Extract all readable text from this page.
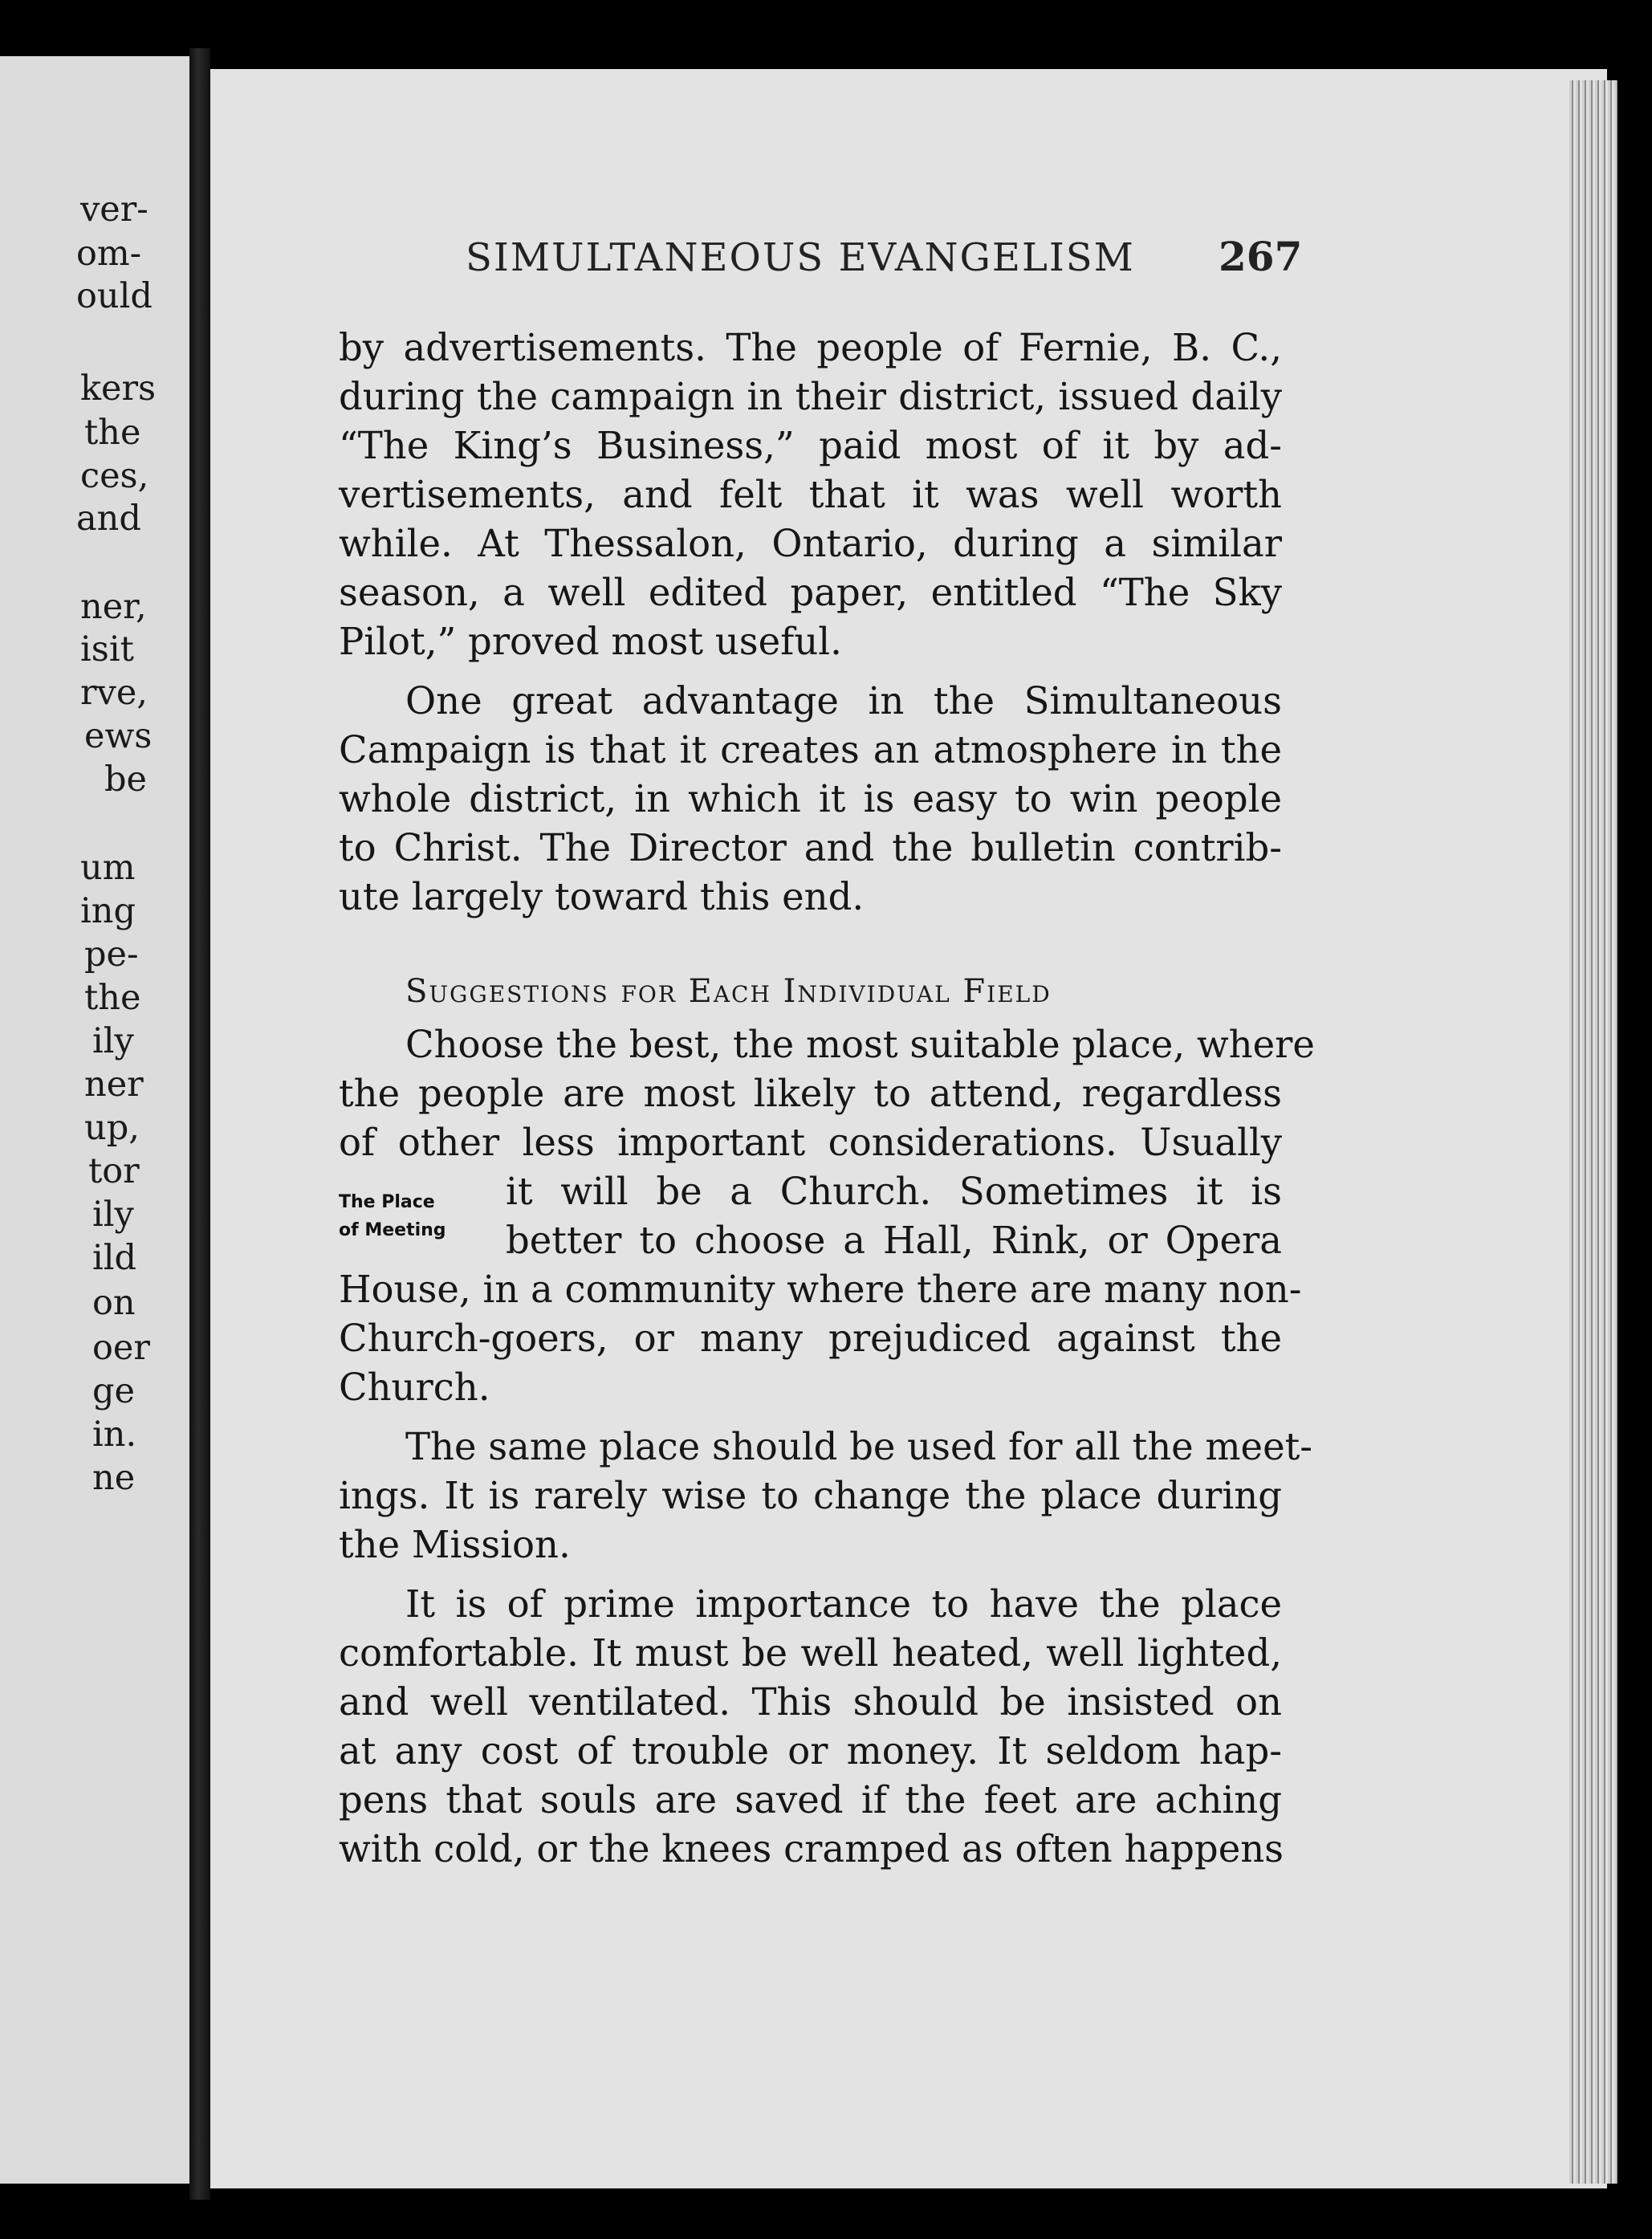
ver-
om-
ould
kers
the
ces,
and
ner,
isit
rve,
ews
be
um
ing
pe-
the
ily
ner
up,
tor
ily
ild
on
oer
ge
in.
ne
SIMULTANEOUS EVANGELISM	267
by advertisements. The people of Fernie, B. C.,
during the campaign in their district, issued daily
“The King’s Business,” paid most of it by ad-
vertisements, and felt that it was well worth
while. At Thessalon, Ontario, during a similar
season, a well edited paper, entitled “The Sky
Pilot,” proved most useful.
One great advantage in the Simultaneous
Campaign is that it creates an atmosphere in the
whole district, in which it is easy to win people
to Christ. The Director and the bulletin contrib-
ute largely toward this end.
Suggestions for Each Individual Field
Choose the best, the most suitable place, where
the people are most likely to attend, regardless
of other less important considerations. Usually
it will be a Church. Sometimes it is
better to choose a Hall, Rink, or Opera
House, in a community where there are many non-
Church-goers, or many prejudiced against the
Church.
The Place
of Meeting
The same place should be used for all the meet-
ings. It is rarely wise to change the place during
the Mission.
It is of prime importance to have the place
comfortable. It must be well heated, well lighted,
and well ventilated. This should be insisted on
at any cost of trouble or money. It seldom hap-
pens that souls are saved if the feet are aching
with cold, or the knees cramped as often happens
